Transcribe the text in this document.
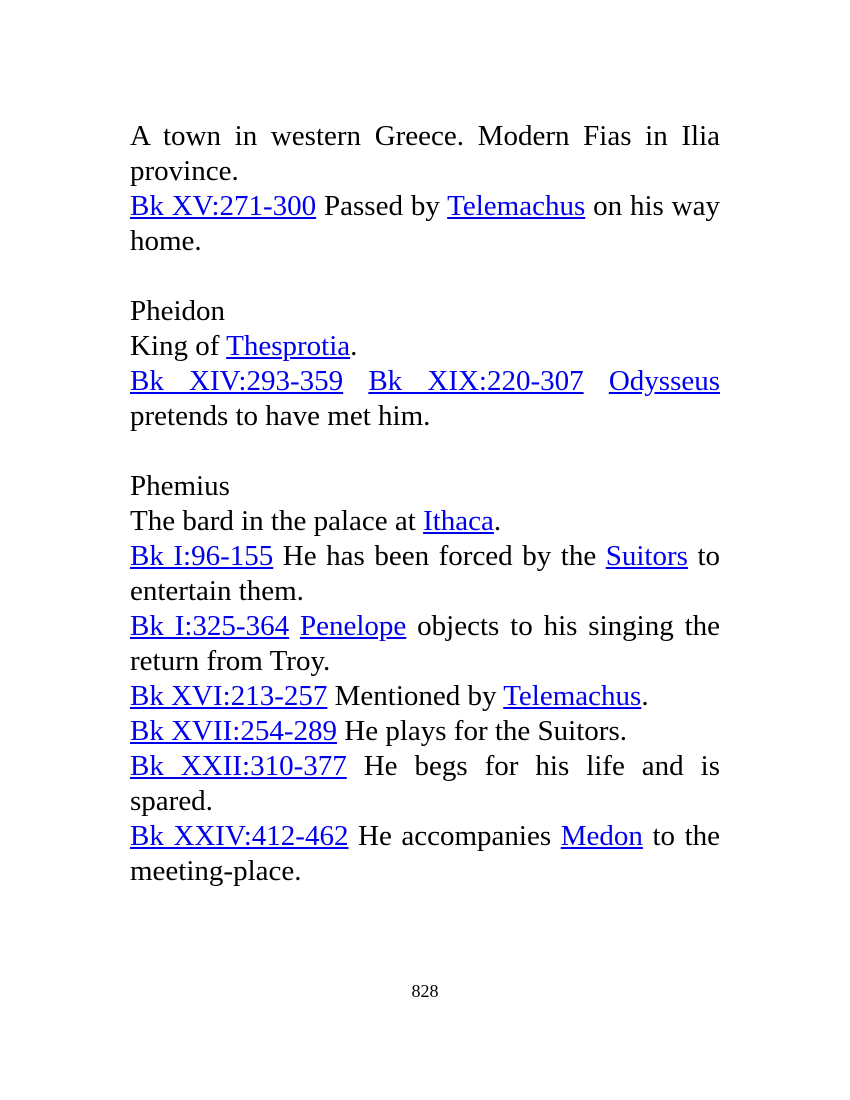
A town in western Greece. Modern Fias in Ilia province.

Bk XV:271-300 Passed by Telemachus on his way home.

Pheidon

King of Thesprotia.

Bk XIV:293-359 Bk XIX:220-307 Odysseus pretends to have met him.

Phemius

The bard in the palace at Ithaca.

Bk I:96-155 He has been forced by the Suitors to entertain them.

Bk I:325-364 Penelope objects to his singing the return from Troy.

Bk XVI:213-257 Mentioned by Telemachus.

Bk XVII:254-289 He plays for the Suitors.

Bk XXII:310-377 He begs for his life and is spared.

Bk XXIV:412-462 He accompanies Medon to the meeting-place.

828
